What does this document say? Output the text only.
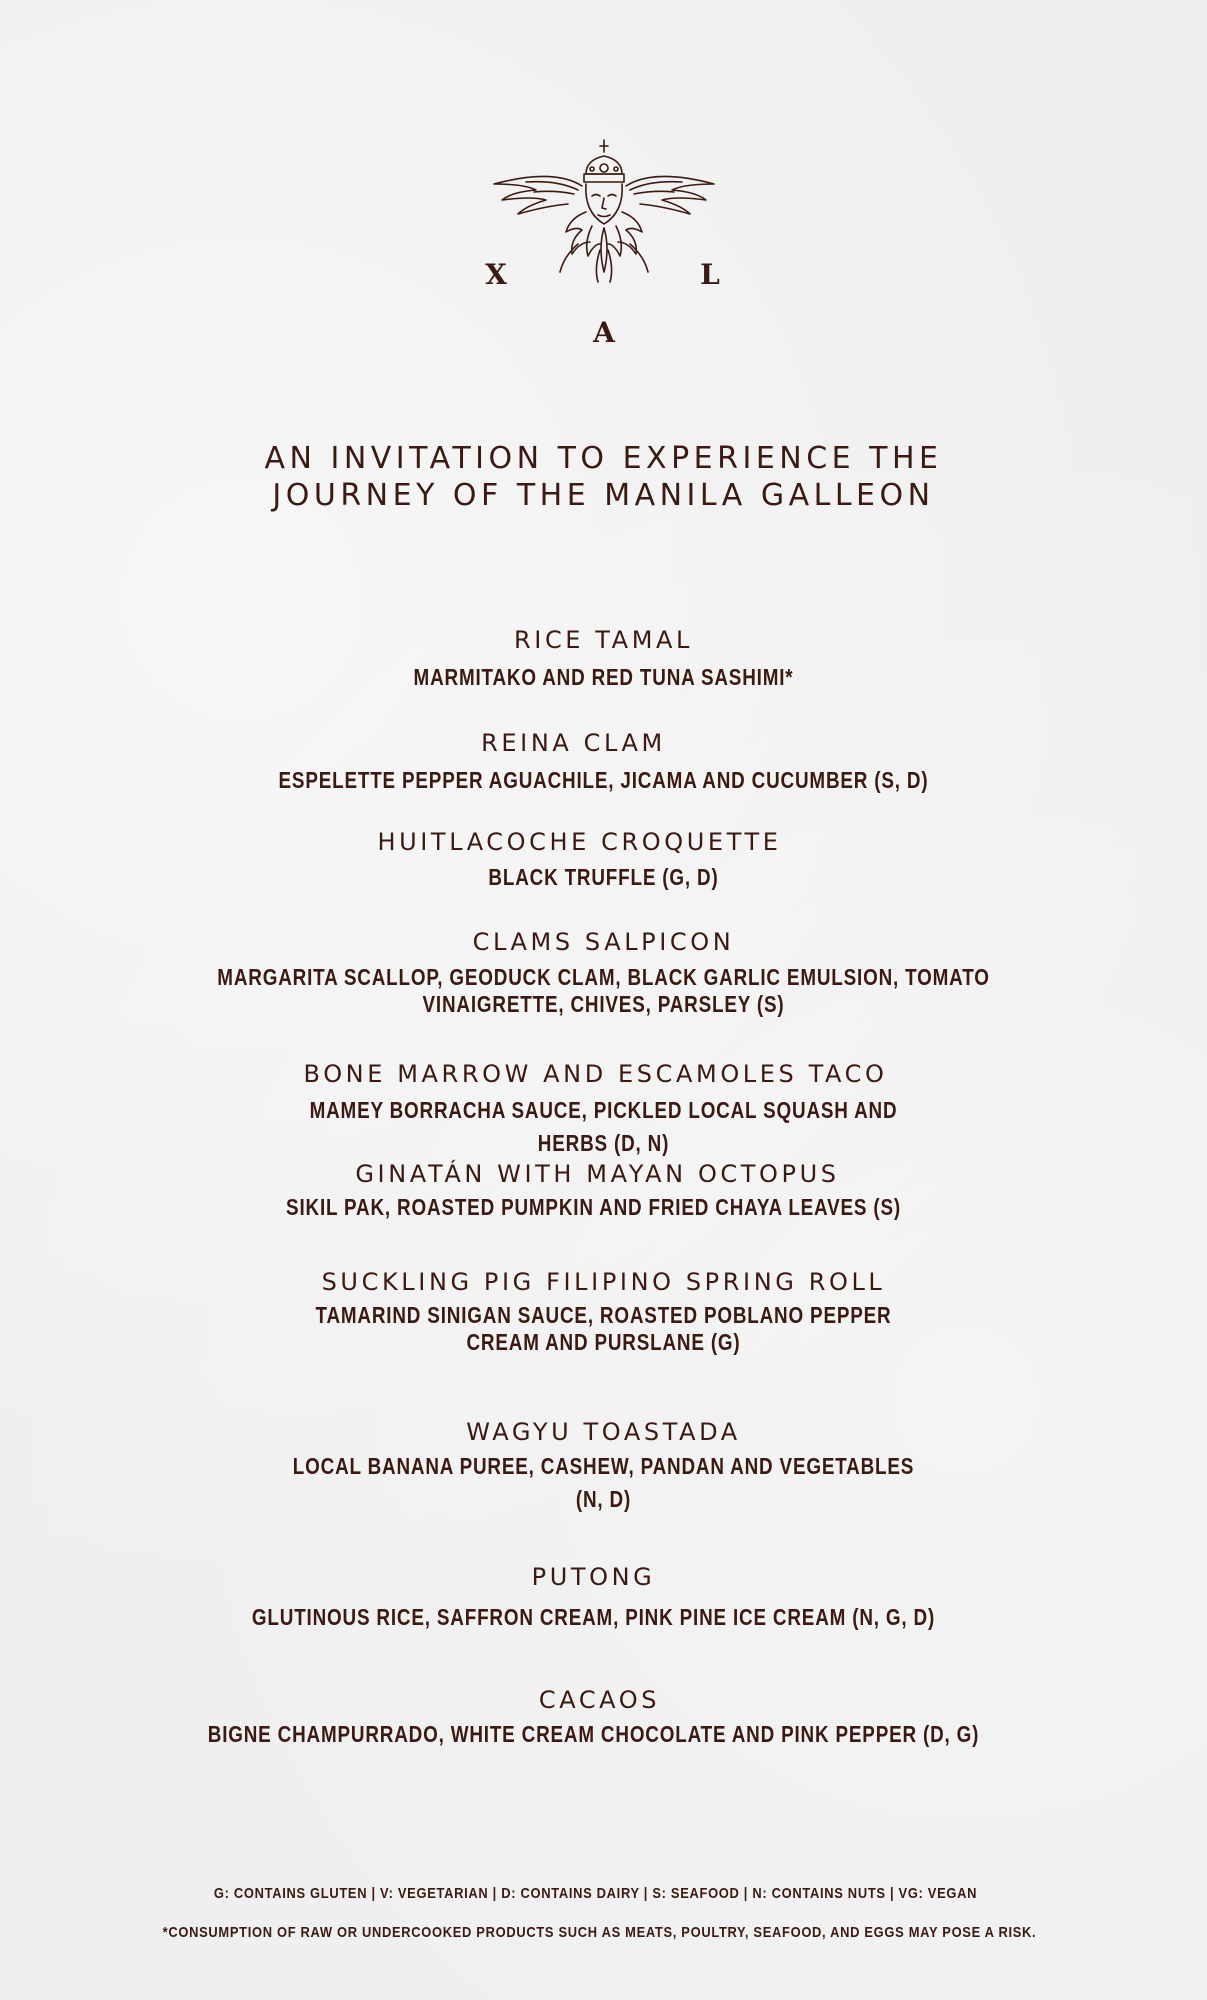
X	L
A
AN INVITATION TO EXPERIENCE THE
JOURNEY OF THE MANILA GALLEON
RICE TAMAL
MARMITAKO AND RED TUNA SASHIMI*
REINA CLAM
ESPELETTE PEPPER AGUACHILE, JICAMA AND CUCUMBER (S, D)
HUITLACOCHE CROQUETTE
BLACK TRUFFLE (G, D)
CLAMS SALPICON
MARGARITA SCALLOP, GEODUCK CLAM, BLACK GARLIC EMULSION, TOMATO
VINAIGRETTE, CHIVES, PARSLEY (S)
BONE MARROW AND ESCAMOLES TACO
MAMEY BORRACHA SAUCE, PICKLED LOCAL SQUASH AND
HERBS (D, N)
GINATÁN WITH MAYAN OCTOPUS
SIKIL PAK, ROASTED PUMPKIN AND FRIED CHAYA LEAVES (S)
SUCKLING PIG FILIPINO SPRING ROLL
TAMARIND SINIGAN SAUCE, ROASTED POBLANO PEPPER
CREAM AND PURSLANE (G)
WAGYU TOASTADA
LOCAL BANANA PUREE, CASHEW, PANDAN AND VEGETABLES
(N, D)
PUTONG
GLUTINOUS RICE, SAFFRON CREAM, PINK PINE ICE CREAM (N, G, D)
CACAOS
BIGNE CHAMPURRADO, WHITE CREAM CHOCOLATE AND PINK PEPPER (D, G)
G: CONTAINS GLUTEN | V: VEGETARIAN | D: CONTAINS DAIRY | S: SEAFOOD | N: CONTAINS NUTS | VG: VEGAN
*CONSUMPTION OF RAW OR UNDERCOOKED PRODUCTS SUCH AS MEATS, POULTRY, SEAFOOD, AND EGGS MAY POSE A RISK.
